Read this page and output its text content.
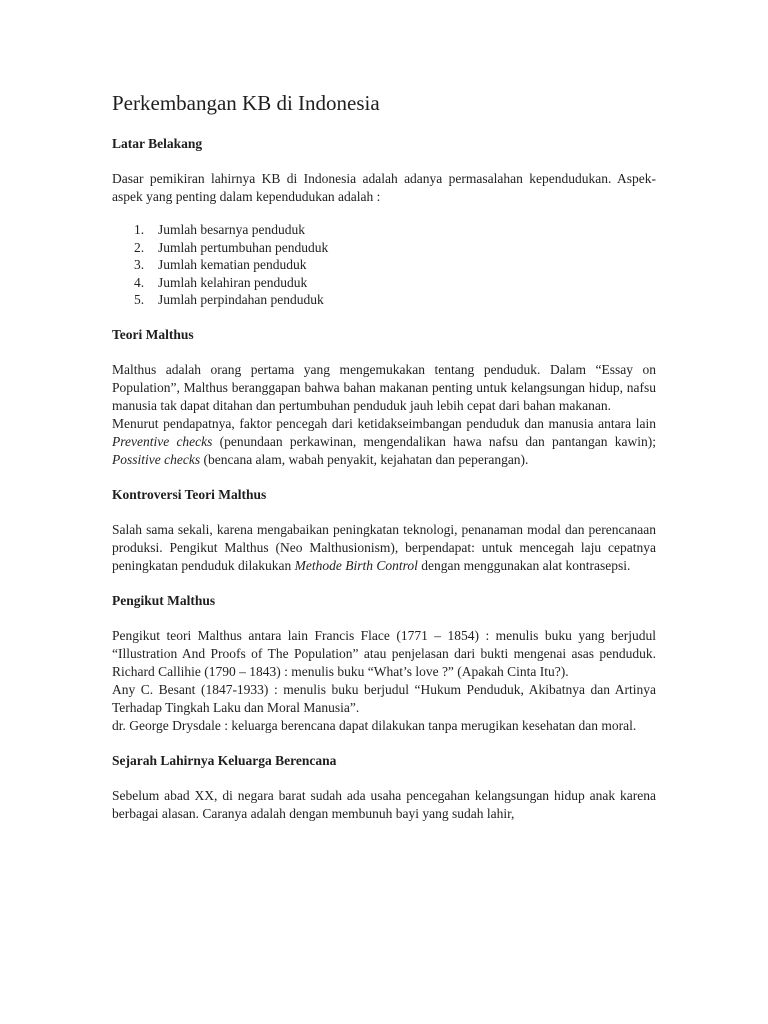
Perkembangan KB di Indonesia
Latar Belakang

Dasar pemikiran lahirnya KB di Indonesia adalah adanya permasalahan kependudukan. Aspek-aspek yang penting dalam kependudukan adalah :

1.	Jumlah besarnya penduduk
2.	Jumlah pertumbuhan penduduk
3.	Jumlah kematian penduduk
4.	Jumlah kelahiran penduduk
5.	Jumlah perpindahan penduduk
Teori Malthus

Malthus adalah orang pertama yang mengemukakan tentang penduduk. Dalam “Essay on Population”, Malthus beranggapan bahwa bahan makanan penting untuk kelangsungan hidup, nafsu manusia tak dapat ditahan dan pertumbuhan penduduk jauh lebih cepat dari bahan makanan.

Menurut pendapatnya, faktor pencegah dari ketidakseimbangan penduduk dan manusia antara lain Preventive checks (penundaan perkawinan, mengendalikan hawa nafsu dan pantangan kawin); Possitive checks (bencana alam, wabah penyakit, kejahatan dan peperangan).

Kontroversi Teori Malthus

Salah sama sekali, karena mengabaikan peningkatan teknologi, penanaman modal dan perencanaan produksi. Pengikut Malthus (Neo Malthusionism), berpendapat: untuk mencegah laju cepatnya peningkatan penduduk dilakukan Methode Birth Control dengan menggunakan alat kontrasepsi.

Pengikut Malthus

Pengikut teori Malthus antara lain Francis Flace (1771 – 1854) : menulis buku yang berjudul “Illustration And Proofs of The Population” atau penjelasan dari bukti mengenai asas penduduk. Richard Callihie (1790 – 1843) : menulis buku “What’s love ?” (Apakah Cinta Itu?).

Any C. Besant (1847-1933) : menulis buku berjudul “Hukum Penduduk, Akibatnya dan Artinya Terhadap Tingkah Laku dan Moral Manusia”.

dr. George Drysdale : keluarga berencana dapat dilakukan tanpa merugikan kesehatan dan moral.

Sejarah Lahirnya Keluarga Berencana

Sebelum abad XX, di negara barat sudah ada usaha pencegahan kelangsungan hidup anak karena berbagai alasan. Caranya adalah dengan membunuh bayi yang sudah lahir,
